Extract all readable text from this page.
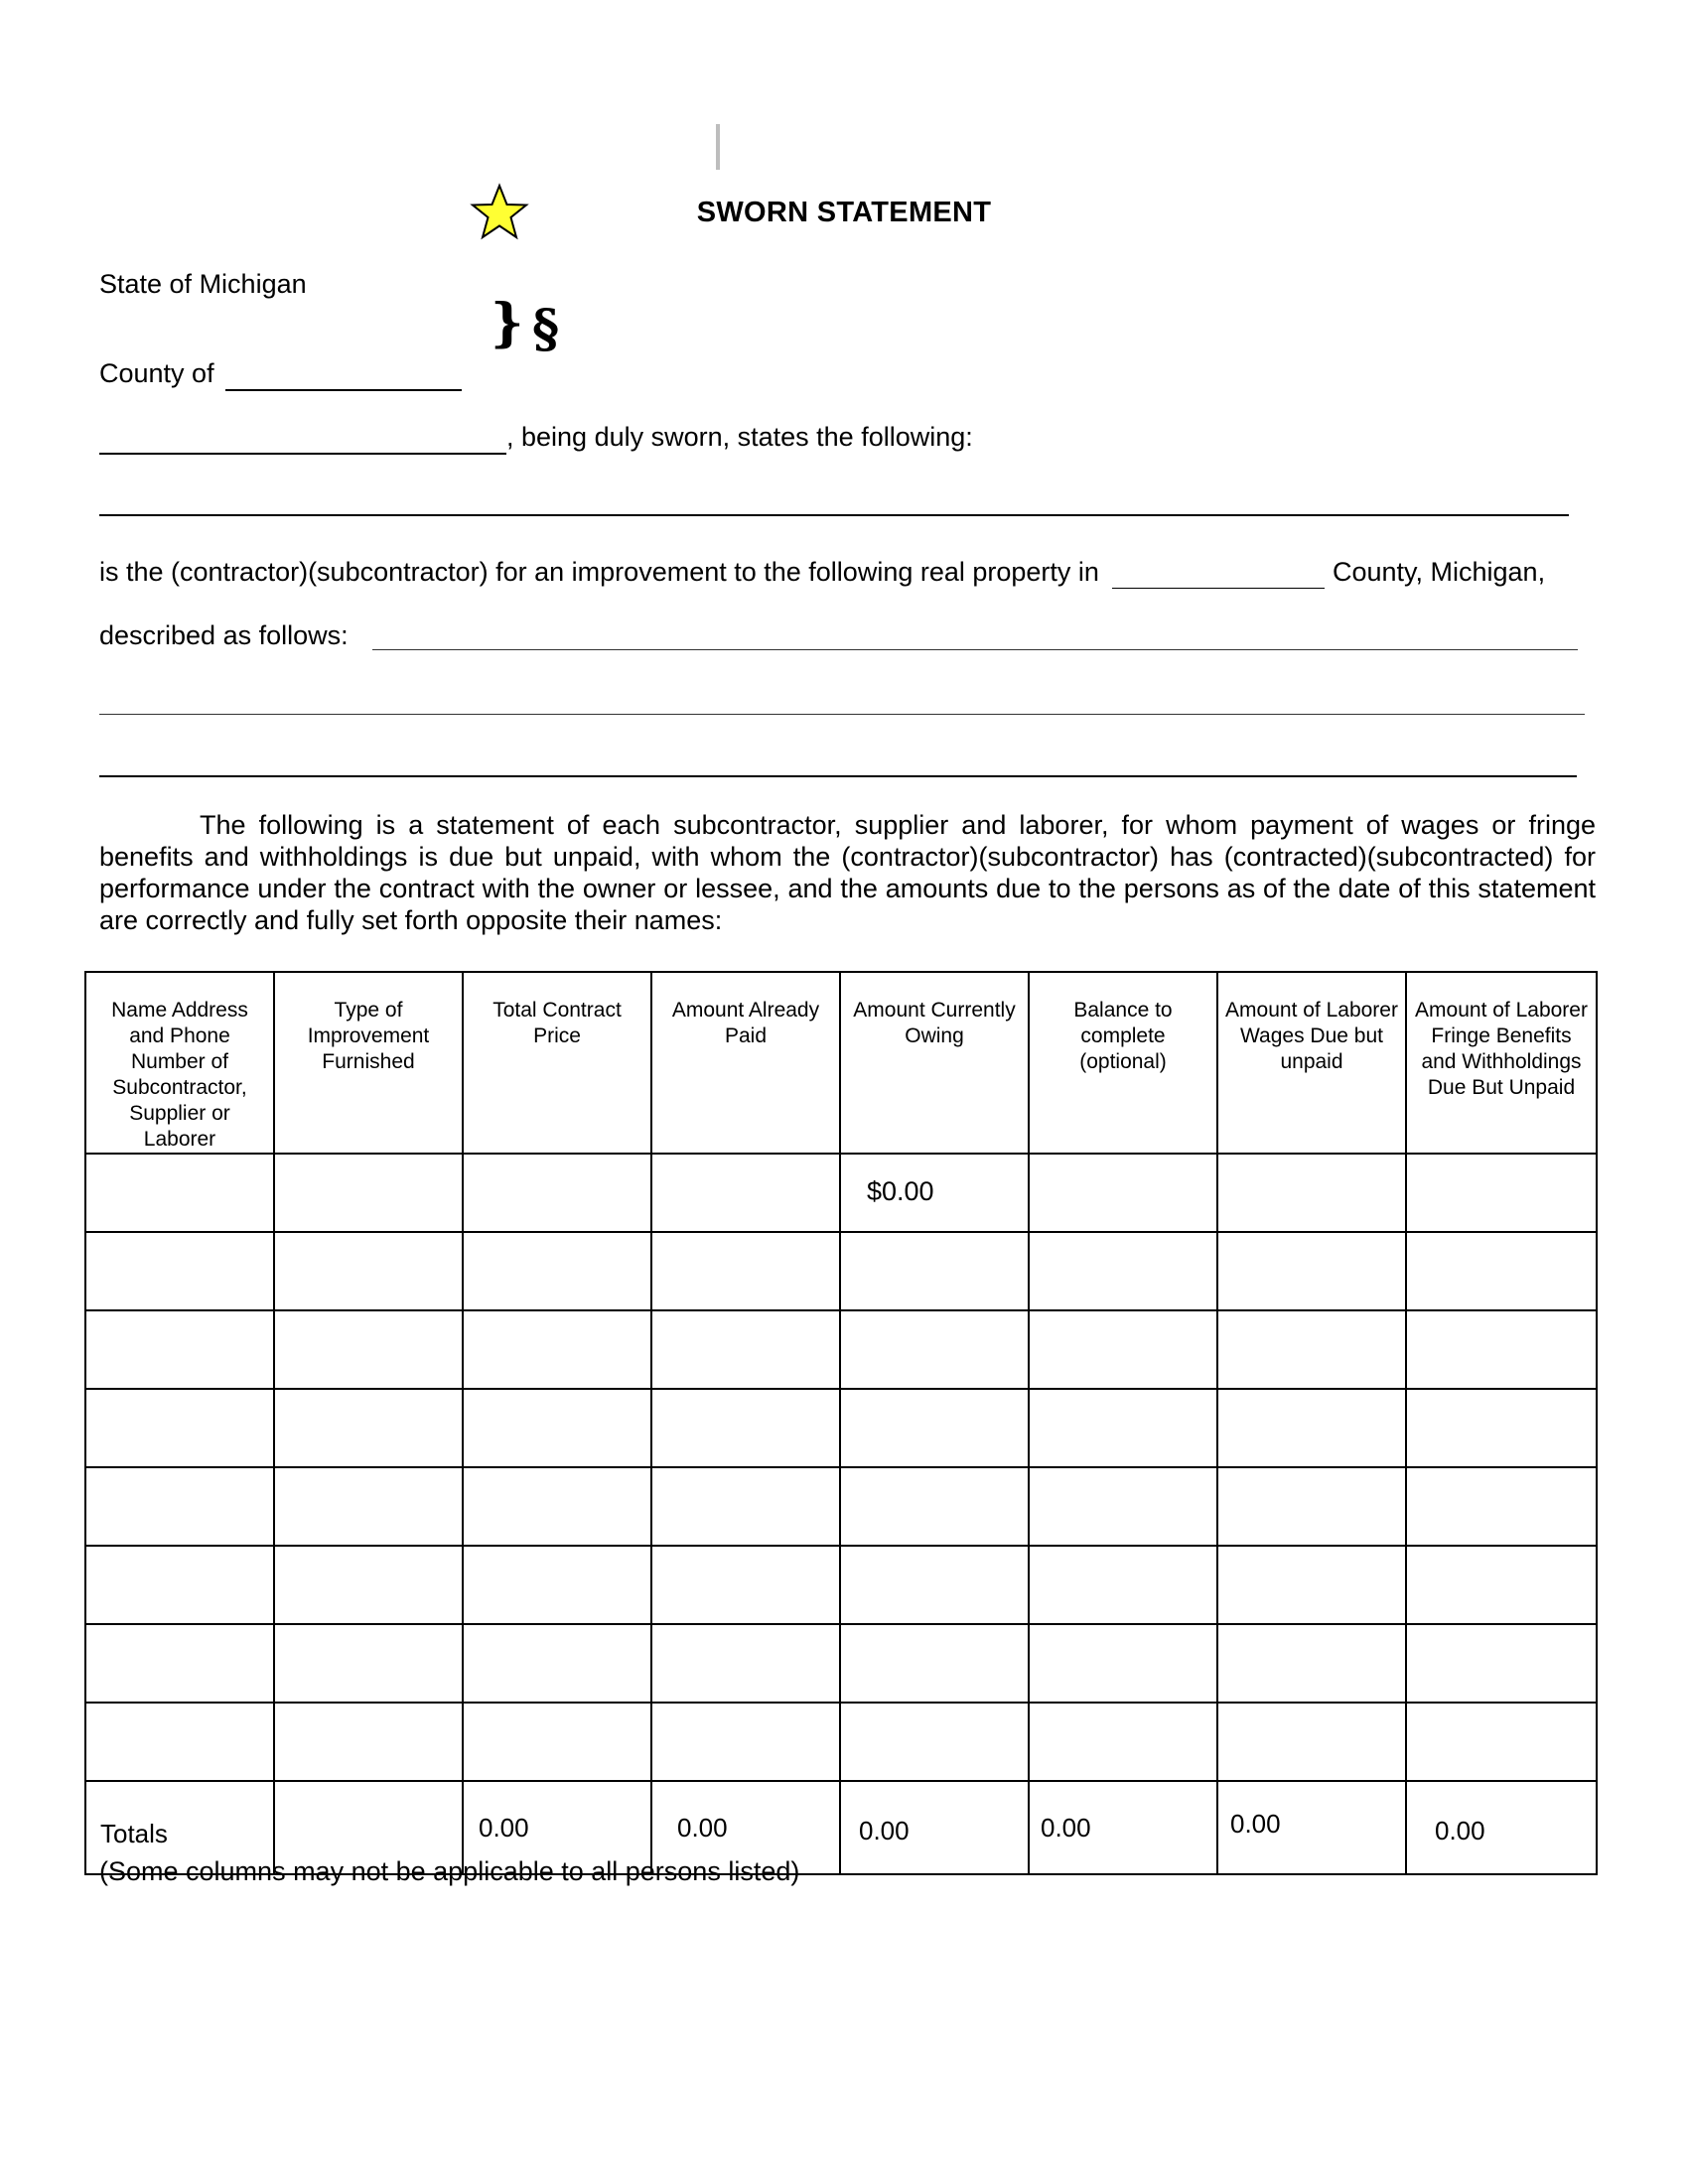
SWORN STATEMENT
State of Michigan
} §
County of
, being duly sworn, states the following:
is the (contractor)(subcontractor) for an improvement to the following real property in	County, Michigan,
described as follows:
The following is a statement of each subcontractor, supplier and laborer, for whom payment of wages or fringe benefits and withholdings is due but unpaid, with whom the (contractor)(subcontractor) has (contracted)(subcontracted) for performance under the contract with the owner or lessee, and the amounts due to the persons as of the date of this statement are correctly and fully set forth opposite their names:
Name Address and Phone Number of Subcontractor, Supplier or Laborer	Type of Improvement Furnished	Total Contract Price	Amount Already Paid	Amount Currently Owing	Balance to complete (optional)	Amount of Laborer Wages Due but unpaid	Amount of Laborer Fringe Benefits and Withholdings Due But Unpaid

				$0.00			

Totals		0.00	0.00	0.00	0.00	0.00	0.00
(Some columns may not be applicable to all persons listed)
